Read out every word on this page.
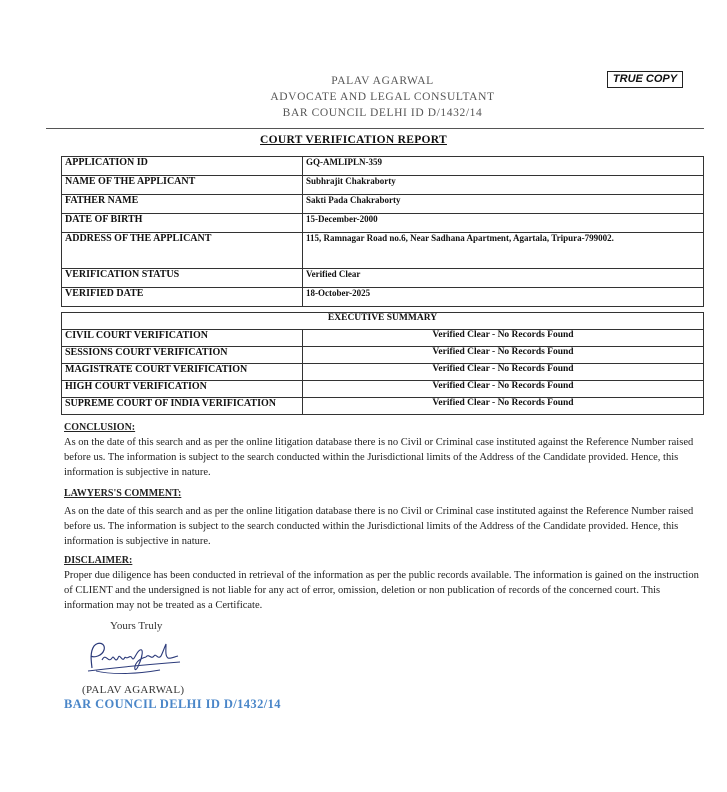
PALAV AGARWAL
ADVOCATE AND LEGAL CONSULTANT
BAR COUNCIL DELHI ID D/1432/14
TRUE COPY
COURT VERIFICATION REPORT
APPLICATION ID	GQ-AMLIPLN-359
NAME OF THE APPLICANT	Subhrajit Chakraborty
FATHER NAME	Sakti Pada Chakraborty
DATE OF BIRTH	15-December-2000
ADDRESS OF THE APPLICANT	115, Ramnagar Road no.6, Near Sadhana Apartment, Agartala, Tripura-799002.
VERIFICATION STATUS	Verified Clear
VERIFIED DATE	18-October-2025
EXECUTIVE SUMMARY	
CIVIL COURT VERIFICATION	Verified Clear - No Records Found
SESSIONS COURT VERIFICATION	Verified Clear - No Records Found
MAGISTRATE COURT VERIFICATION	Verified Clear - No Records Found
HIGH COURT VERIFICATION	Verified Clear - No Records Found
SUPREME COURT OF INDIA VERIFICATION	Verified Clear - No Records Found
CONCLUSION:
As on the date of this search and as per the online litigation database there is no Civil or Criminal case instituted against the Reference Number raised before us. The information is subject to the search conducted within the Jurisdictional limits of the Address of the Candidate provided. Hence, this information is subjective in nature.
LAWYERS'S COMMENT:
As on the date of this search and as per the online litigation database there is no Civil or Criminal case instituted against the Reference Number raised before us. The information is subject to the search conducted within the Jurisdictional limits of the Address of the Candidate provided. Hence, this information is subjective in nature.
DISCLAIMER:
Proper due diligence has been conducted in retrieval of the information as per the public records available. The information is gained on the instruction of CLIENT and the undersigned is not liable for any act of error, omission, deletion or non publication of records of the concerned court. This information may not be treated as a Certificate.
Yours Truly
(PALAV AGARWAL)
BAR COUNCIL DELHI ID D/1432/14
